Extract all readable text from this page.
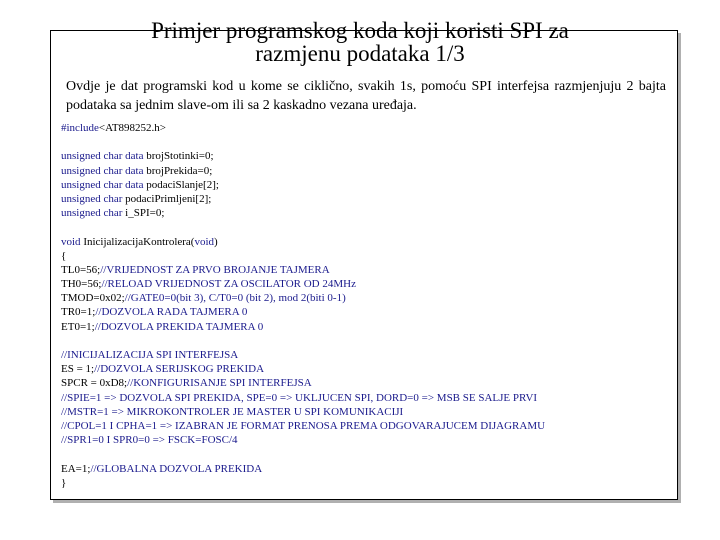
Primjer programskog koda koji koristi SPI za
razmjenu podataka 1/3

Ovdje je dat programski kod u kome se ciklično, svakih 1s, pomoću SPI interfejsa razmjenjuju 2 bajta podataka sa jednim slave-om ili sa 2 kaskadno vezana uređaja.

#include<AT898252.h>
unsigned char data brojStotinki=0;
unsigned char data brojPrekida=0;
unsigned char data podaciSlanje[2];
unsigned char podaciPrimljeni[2];
unsigned char i_SPI=0;
void InicijalizacijaKontrolera(void)
{
TL0=56;//VRIJEDNOST ZA PRVO BROJANJE TAJMERA
TH0=56;//RELOAD VRIJEDNOST ZA OSCILATOR OD 24MHz
TMOD=0x02;//GATE0=0(bit 3), C/T0=0 (bit 2), mod 2(biti 0-1)
TR0=1;//DOZVOLA RADA TAJMERA 0
ET0=1;//DOZVOLA PREKIDA TAJMERA 0
//INICIJALIZACIJA SPI INTERFEJSA
ES = 1;//DOZVOLA SERIJSKOG PREKIDA
SPCR = 0xD8;//KONFIGURISANJE SPI INTERFEJSA
//SPIE=1 => DOZVOLA SPI PREKIDA, SPE=0 => UKLJUCEN SPI, DORD=0 => MSB SE SALJE PRVI
//MSTR=1 => MIKROKONTROLER JE MASTER U SPI KOMUNIKACIJI
//CPOL=1 I CPHA=1 => IZABRAN JE FORMAT PRENOSA PREMA ODGOVARAJUCEM DIJAGRAMU
//SPR1=0 I SPR0=0 => FSCK=FOSC/4
EA=1;//GLOBALNA DOZVOLA PREKIDA
}
